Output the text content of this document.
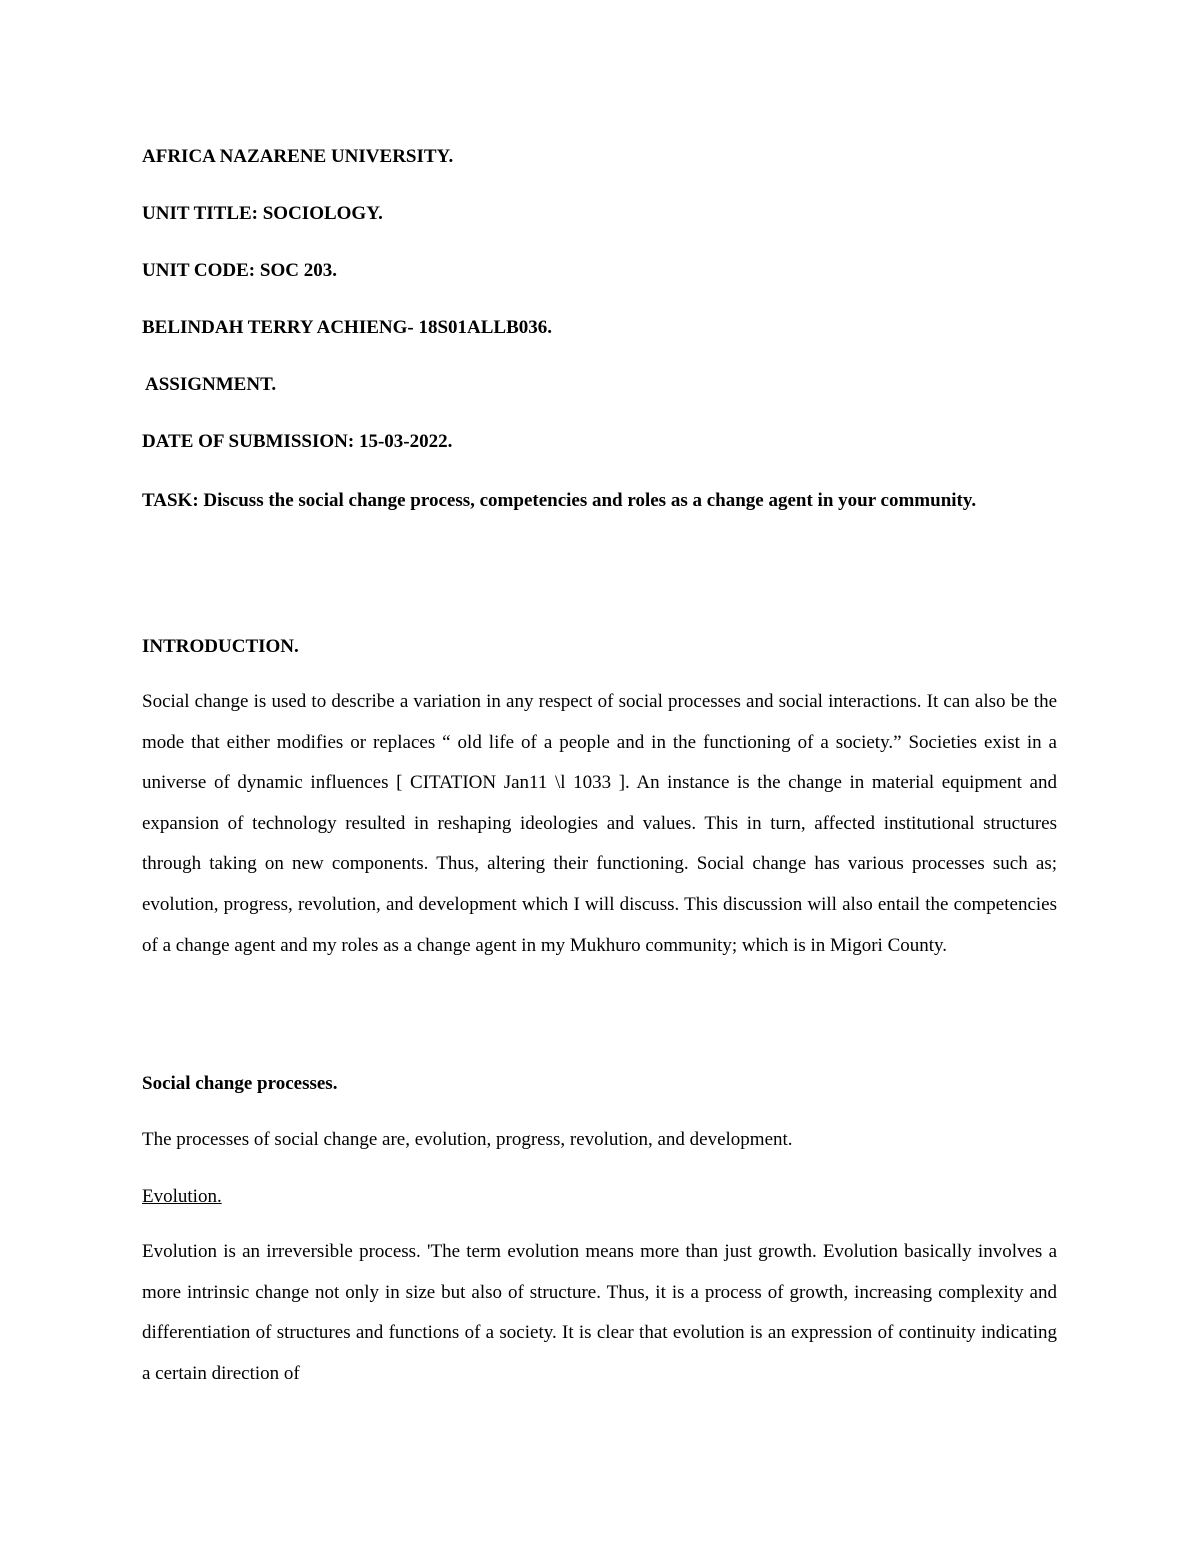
AFRICA NAZARENE UNIVERSITY.

UNIT TITLE: SOCIOLOGY.

UNIT CODE: SOC 203.

BELINDAH TERRY ACHIENG- 18S01ALLB036.

ASSIGNMENT.

DATE OF SUBMISSION: 15-03-2022.

TASK: Discuss the social change process, competencies and roles as a change agent in your community.

INTRODUCTION.

Social change is used to describe a variation in any respect of social processes and social interactions. It can also be the mode that either modifies or replaces “ old life of a people and in the functioning of a society.” Societies exist in a universe of dynamic influences [ CITATION Jan11 \l 1033 ]. An instance is the change in material equipment and expansion of technology resulted in reshaping ideologies and values. This in turn, affected institutional structures through taking on new components. Thus, altering their functioning. Social change has various processes such as; evolution, progress, revolution, and development which I will discuss. This discussion will also entail the competencies of a change agent and my roles as a change agent in my Mukhuro community; which is in Migori County.

Social change processes.

The processes of social change are, evolution, progress, revolution, and development.

Evolution.

Evolution is an irreversible process. 'The term evolution means more than just growth. Evolution basically involves a more intrinsic change not only in size but also of structure. Thus, it is a process of growth, increasing complexity and differentiation of structures and functions of a society. It is clear that evolution is an expression of continuity indicating a certain direction of
